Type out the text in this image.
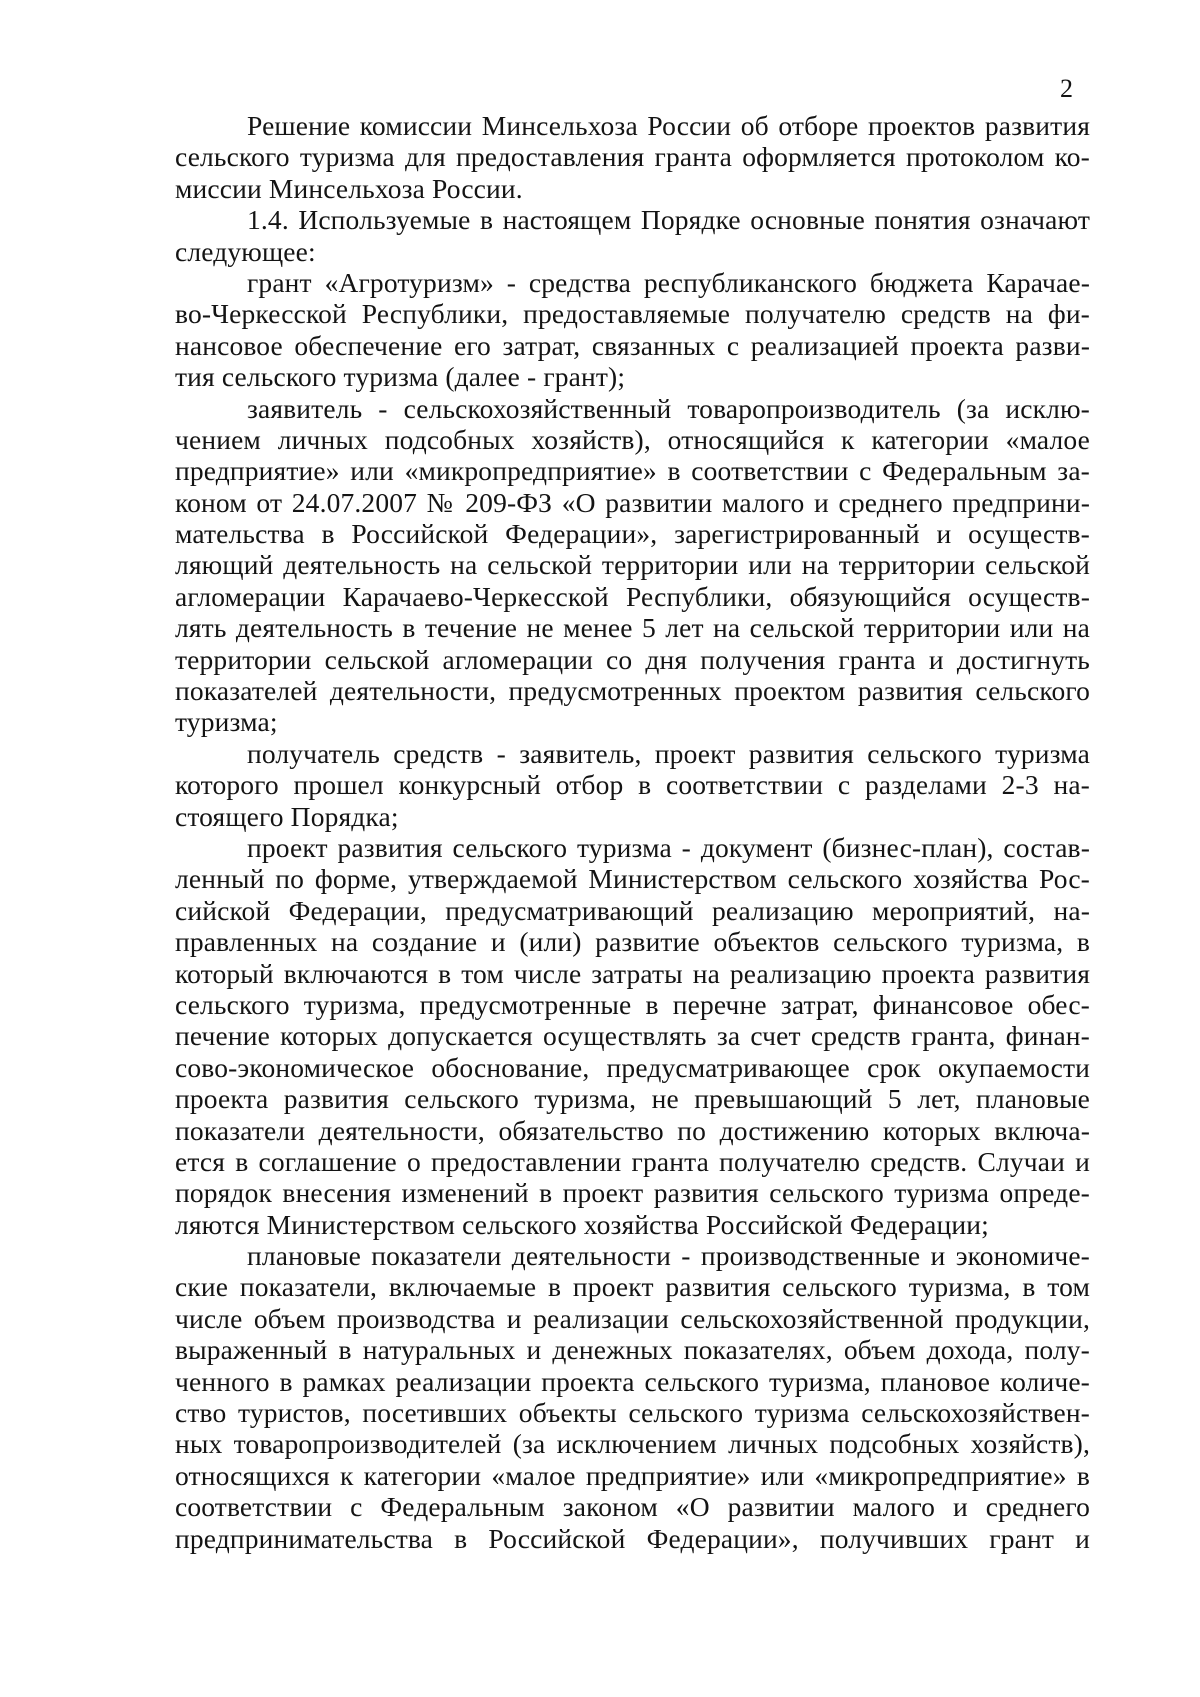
2
Решение комиссии Минсельхоза России об отборе проектов развития
сельского туризма для предоставления гранта оформляется протоколом ко-
миссии Минсельхоза России.
1.4. Используемые в настоящем Порядке основные понятия означают
следующее:
грант «Агротуризм» - средства республиканского бюджета Карачае-
во-Черкесской Республики, предоставляемые получателю средств на фи-
нансовое обеспечение его затрат, связанных с реализацией проекта разви-
тия сельского туризма (далее - грант);
заявитель - сельскохозяйственный товаропроизводитель (за исклю-
чением личных подсобных хозяйств), относящийся к категории «малое
предприятие» или «микропредприятие» в соответствии с Федеральным за-
коном от 24.07.2007 № 209-ФЗ «О развитии малого и среднего предприни-
мательства в Российской Федерации», зарегистрированный и осуществ-
ляющий деятельность на сельской территории или на территории сельской
агломерации Карачаево-Черкесской Республики, обязующийся осуществ-
лять деятельность в течение не менее 5 лет на сельской территории или на
территории сельской агломерации со дня получения гранта и достигнуть
показателей деятельности, предусмотренных проектом развития сельского
туризма;
получатель средств - заявитель, проект развития сельского туризма
которого прошел конкурсный отбор в соответствии с разделами 2-3 на-
стоящего Порядка;
проект развития сельского туризма - документ (бизнес-план), состав-
ленный по форме, утверждаемой Министерством сельского хозяйства Рос-
сийской Федерации, предусматривающий реализацию мероприятий, на-
правленных на создание и (или) развитие объектов сельского туризма, в
который включаются в том числе затраты на реализацию проекта развития
сельского туризма, предусмотренные в перечне затрат, финансовое обес-
печение которых допускается осуществлять за счет средств гранта, финан-
сово-экономическое обоснование, предусматривающее срок окупаемости
проекта развития сельского туризма, не превышающий 5 лет, плановые
показатели деятельности, обязательство по достижению которых включа-
ется в соглашение о предоставлении гранта получателю средств. Случаи и
порядок внесения изменений в проект развития сельского туризма опреде-
ляются Министерством сельского хозяйства Российской Федерации;
плановые показатели деятельности - производственные и экономиче-
ские показатели, включаемые в проект развития сельского туризма, в том
числе объем производства и реализации сельскохозяйственной продукции,
выраженный в натуральных и денежных показателях, объем дохода, полу-
ченного в рамках реализации проекта сельского туризма, плановое количе-
ство туристов, посетивших объекты сельского туризма сельскохозяйствен-
ных товаропроизводителей (за исключением личных подсобных хозяйств),
относящихся к категории «малое предприятие» или «микропредприятие» в
соответствии с Федеральным законом «О развитии малого и среднего
предпринимательства в Российской Федерации», получивших грант и
